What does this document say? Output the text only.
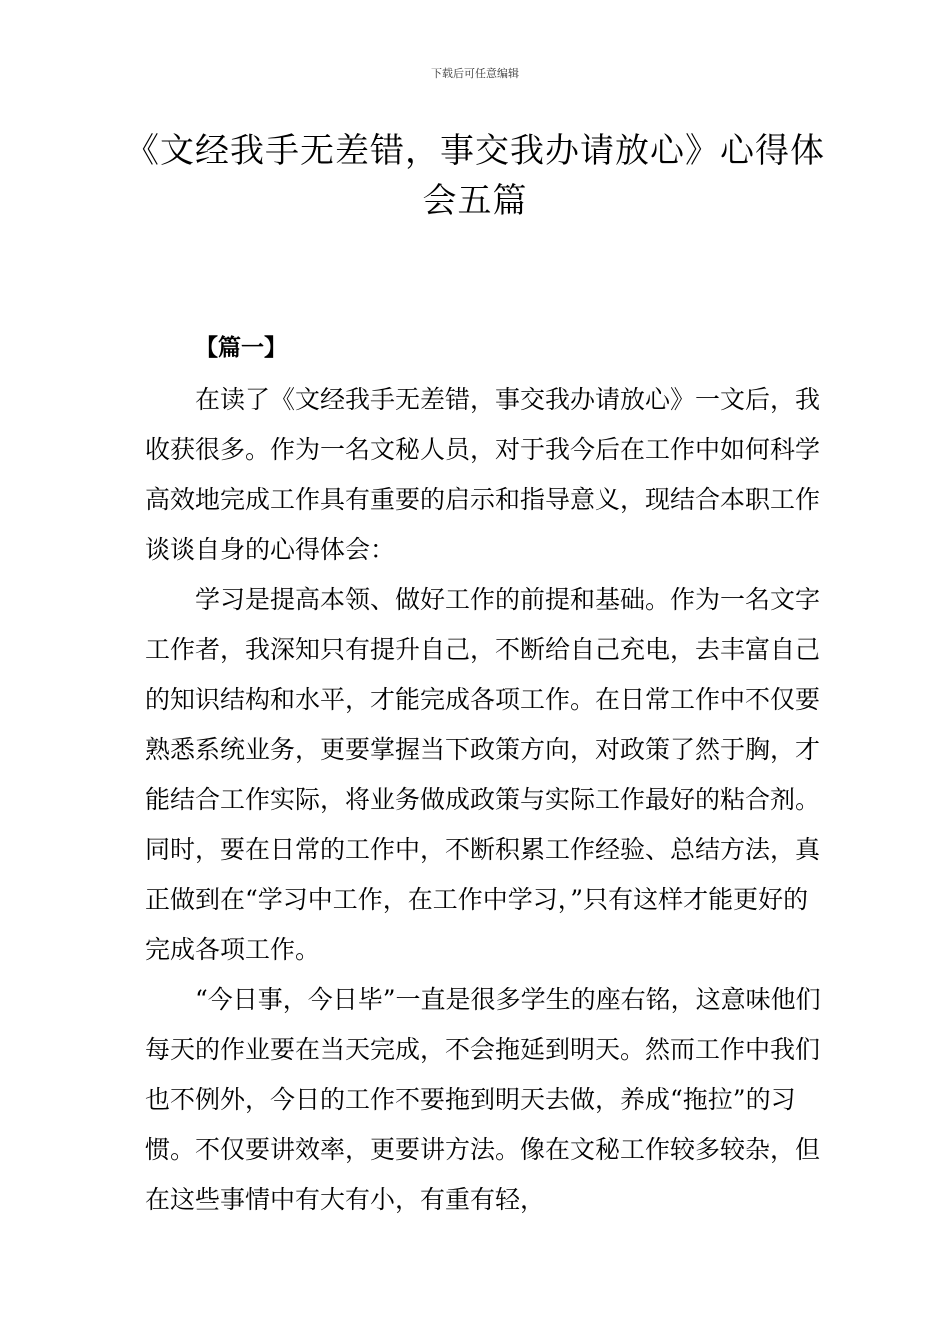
下载后可任意编辑
《文经我手无差错，事交我办请放心》心得体会五篇
【篇一】

在读了《文经我手无差错，事交我办请放心》一文后，我收获很多。作为一名文秘人员，对于我今后在工作中如何科学高效地完成工作具有重要的启示和指导意义，现结合本职工作谈谈自身的心得体会：

学习是提高本领、做好工作的前提和基础。作为一名文字工作者，我深知只有提升自己，不断给自己充电，去丰富自己的知识结构和水平，才能完成各项工作。在日常工作中不仅要熟悉系统业务，更要掌握当下政策方向，对政策了然于胸，才能结合工作实际，将业务做成政策与实际工作最好的粘合剂。同时，要在日常的工作中，不断积累工作经验、总结方法，真正做到在“学习中工作，在工作中学习，”只有这样才能更好的完成各项工作。

“今日事，今日毕”一直是很多学生的座右铭，这意味他们每天的作业要在当天完成，不会拖延到明天。然而工作中我们也不例外，今日的工作不要拖到明天去做，养成“拖拉”的习惯。不仅要讲效率，更要讲方法。像在文秘工作较多较杂，但在这些事情中有大有小，有重有轻，
